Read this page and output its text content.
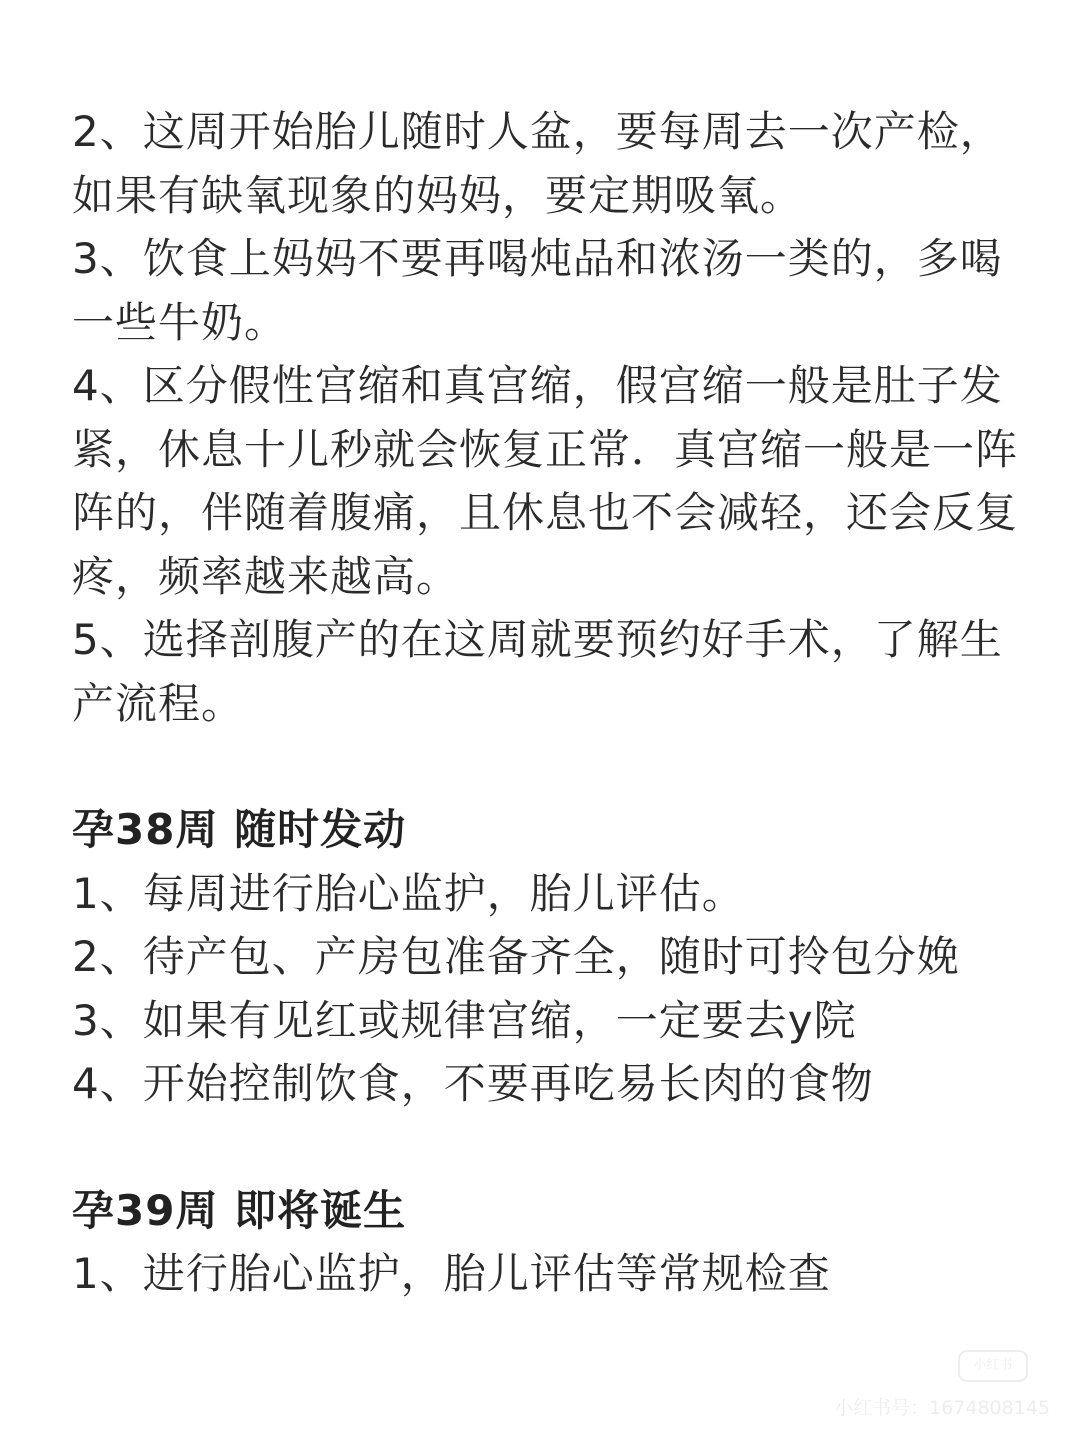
2、这周开始胎儿随时人盆，要每周去一次产检，如果有缺氧现象的妈妈，要定期吸氧。

3、饮食上妈妈不要再喝炖品和浓汤一类的，多喝一些牛奶。

4、区分假性宫缩和真宫缩，假宫缩一般是肚子发紧，休息十儿秒就会恢复正常．真宫缩一般是一阵阵的，伴随着腹痛，且休息也不会减轻，还会反复疼，频率越来越高。

5、选择剖腹产的在这周就要预约好手术，了解生产流程。

孕38周 随时发动

1、每周进行胎心监护，胎儿评估。

2、待产包、产房包准备齐全，随时可拎包分娩

3、如果有见红或规律宫缩，一定要去y院

4、开始控制饮食，不要再吃易长肉的食物

孕39周 即将诞生

1、进行胎心监护，胎儿评估等常规检查

小红书
小红书号：1674808145
